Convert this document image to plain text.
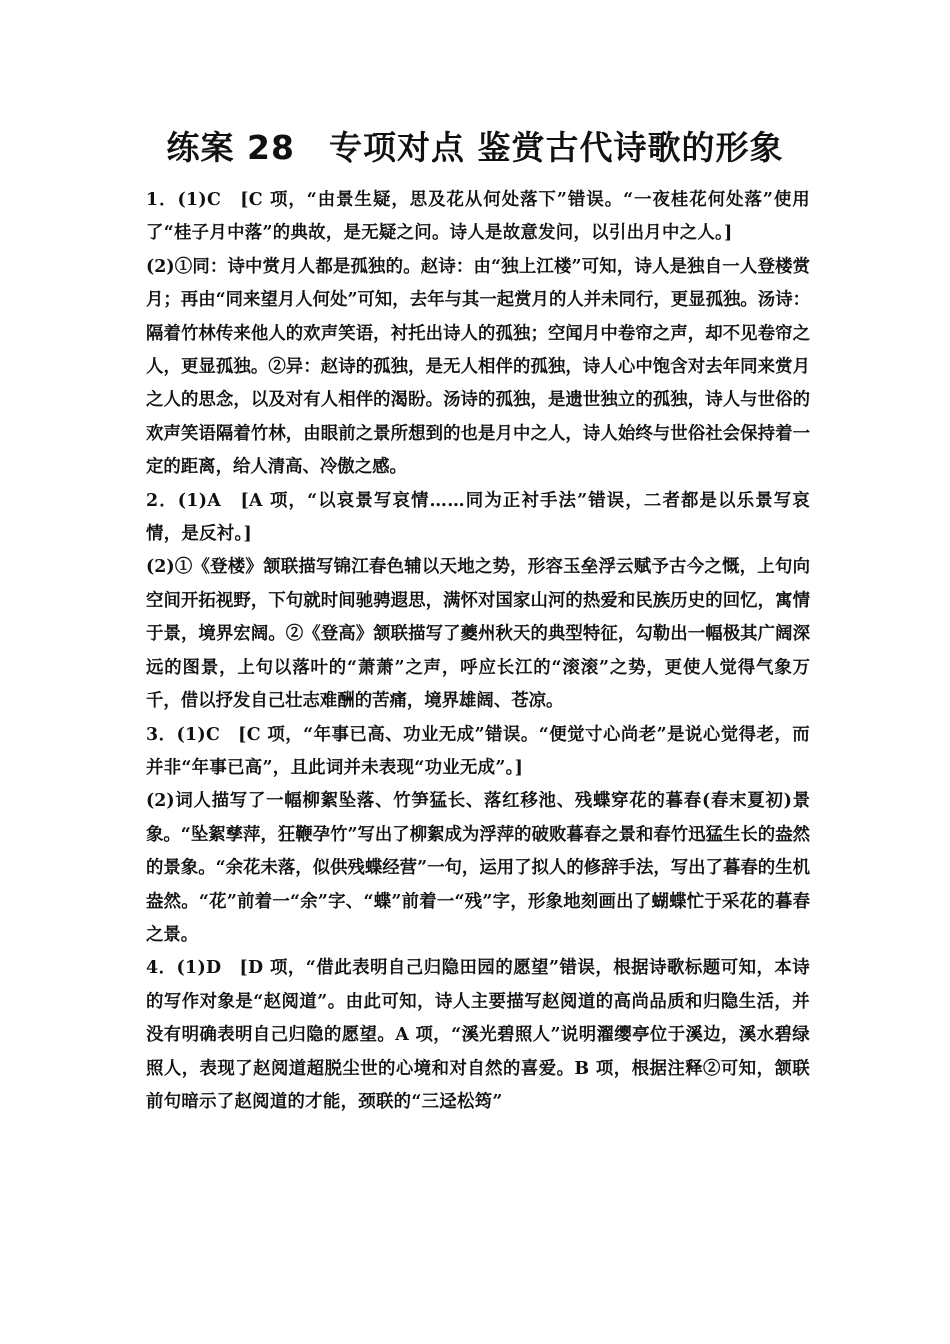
练案 28　专项对点 鉴赏古代诗歌的形象

1．(1)C　[C 项，“由景生疑，思及花从何处落下”错误。“一夜桂花何处落”使用了“桂子月中落”的典故，是无疑之问。诗人是故意发问，以引出月中之人。]

(2)①同：诗中赏月人都是孤独的。赵诗：由“独上江楼”可知，诗人是独自一人登楼赏月；再由“同来望月人何处”可知，去年与其一起赏月的人并未同行，更显孤独。汤诗：隔着竹林传来他人的欢声笑语，衬托出诗人的孤独；空闻月中卷帘之声，却不见卷帘之人，更显孤独。②异：赵诗的孤独，是无人相伴的孤独，诗人心中饱含对去年同来赏月之人的思念，以及对有人相伴的渴盼。汤诗的孤独，是遗世独立的孤独，诗人与世俗的欢声笑语隔着竹林，由眼前之景所想到的也是月中之人，诗人始终与世俗社会保持着一定的距离，给人清高、冷傲之感。

2．(1)A　[A 项，“以哀景写哀情……同为正衬手法”错误，二者都是以乐景写哀情，是反衬。]

(2)①《登楼》颔联描写锦江春色辅以天地之势，形容玉垒浮云赋予古今之慨，上句向空间开拓视野，下句就时间驰骋遐思，满怀对国家山河的热爱和民族历史的回忆，寓情于景，境界宏阔。②《登高》颔联描写了夔州秋天的典型特征，勾勒出一幅极其广阔深远的图景，上句以落叶的“萧萧”之声，呼应长江的“滚滚”之势，更使人觉得气象万千，借以抒发自己壮志难酬的苦痛，境界雄阔、苍凉。

3．(1)C　[C 项，“年事已高、功业无成”错误。“便觉寸心尚老”是说心觉得老，而并非“年事已高”，且此词并未表现“功业无成”。]

(2)词人描写了一幅柳絮坠落、竹笋猛长、落红移池、残蝶穿花的暮春(春末夏初)景象。“坠絮孳萍，狂鞭孕竹”写出了柳絮成为浮萍的破败暮春之景和春竹迅猛生长的盎然的景象。“余花未落，似供残蝶经营”一句，运用了拟人的修辞手法，写出了暮春的生机盎然。“花”前着一“余”字、“蝶”前着一“残”字，形象地刻画出了蝴蝶忙于采花的暮春之景。

4．(1)D　[D 项，“借此表明自己归隐田园的愿望”错误，根据诗歌标题可知，本诗的写作对象是“赵阅道”。由此可知，诗人主要描写赵阅道的高尚品质和归隐生活，并没有明确表明自己归隐的愿望。A 项，“溪光碧照人”说明濯缨亭位于溪边，溪水碧绿照人，表现了赵阅道超脱尘世的心境和对自然的喜爱。B 项，根据注释②可知，颔联前句暗示了赵阅道的才能，颈联的“三迳松筠”
